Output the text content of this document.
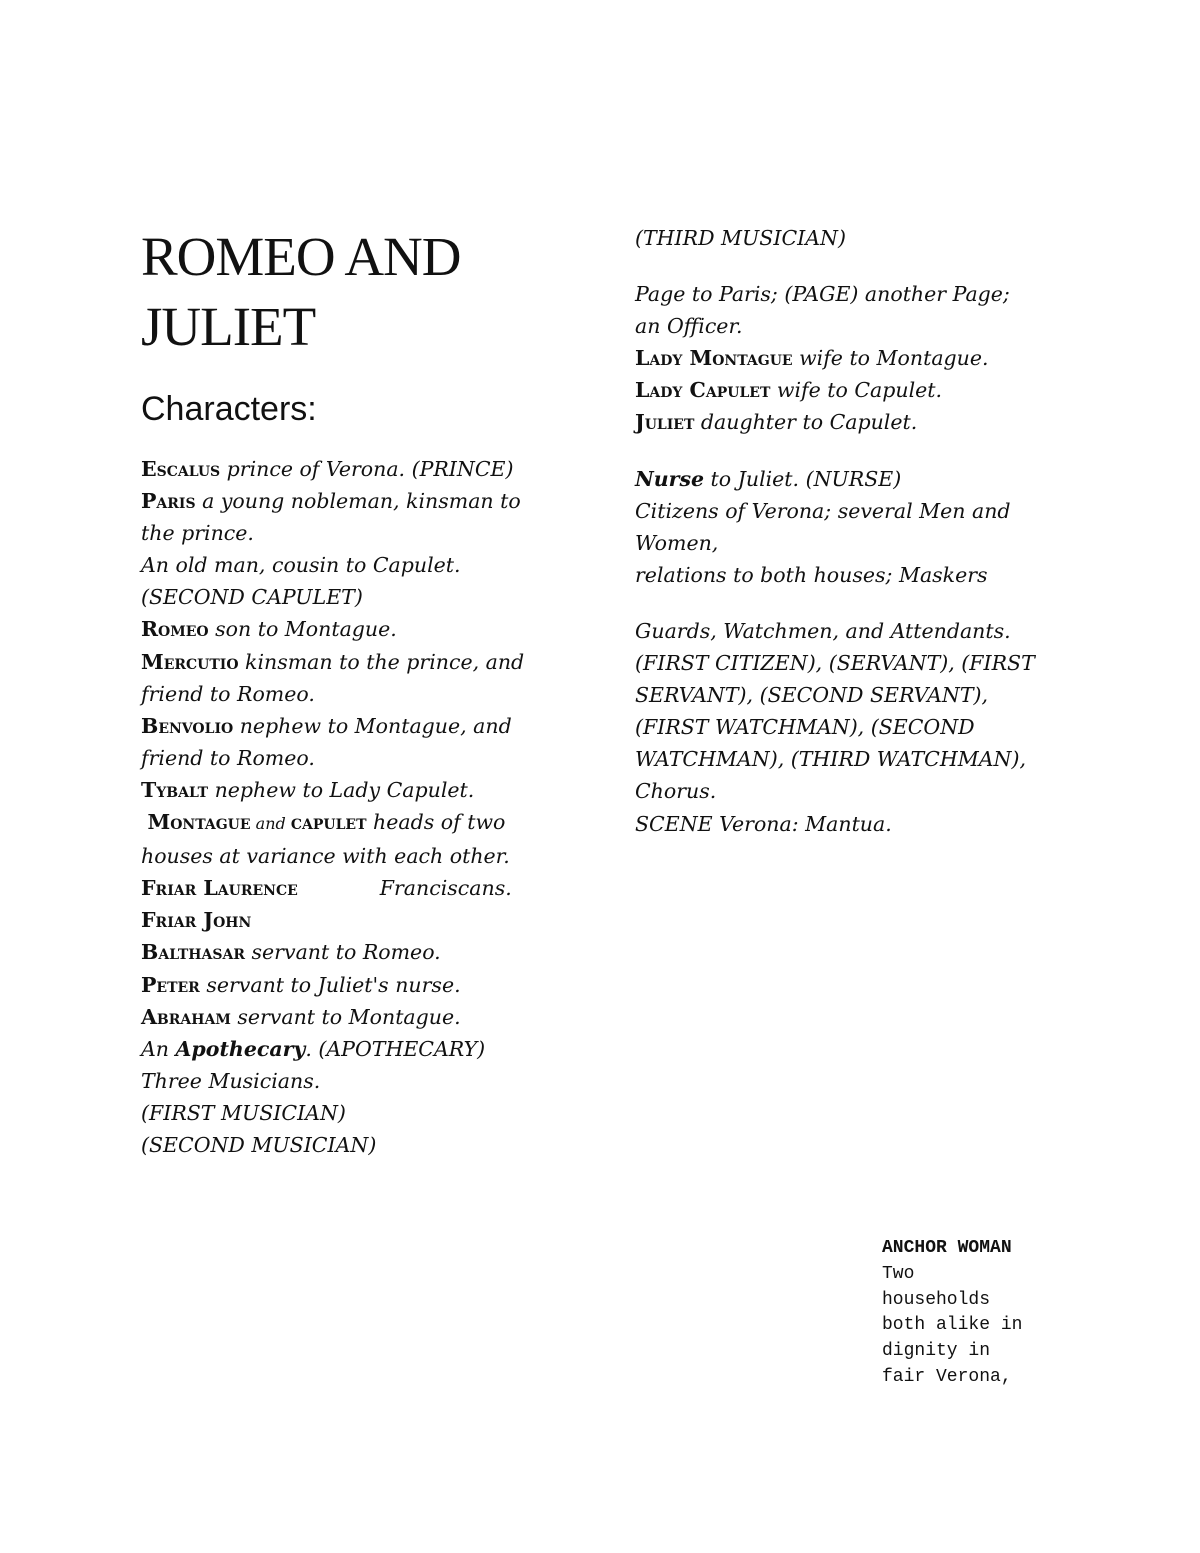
ROMEO AND
JULIET
Characters:
Escalus prince of Verona. (PRINCE)
Paris a young nobleman, kinsman to
the prince.
An old man, cousin to Capulet.
(SECOND CAPULET)
Romeo son to Montague.
Mercutio kinsman to the prince, and
friend to Romeo.
Benvolio nephew to Montague, and
friend to Romeo.
Tybalt nephew to Lady Capulet.
Montague and capulet heads of two
houses at variance with each other.
Friar Laurence	Franciscans.
Friar John
Balthasar servant to Romeo.
Peter servant to Juliet's nurse.
Abraham servant to Montague.
An Apothecary. (APOTHECARY)
Three Musicians.
(FIRST MUSICIAN)
(SECOND MUSICIAN)
(THIRD MUSICIAN)
Page to Paris; (PAGE) another Page;
an Officer.
Lady Montague wife to Montague.
Lady Capulet wife to Capulet.
Juliet daughter to Capulet.
Nurse to Juliet. (NURSE)
Citizens of Verona; several Men and
Women,
relations to both houses; Maskers
Guards, Watchmen, and Attendants.
(FIRST CITIZEN), (SERVANT), (FIRST
SERVANT), (SECOND SERVANT),
(FIRST WATCHMAN), (SECOND
WATCHMAN), (THIRD WATCHMAN),
Chorus.
SCENE Verona: Mantua.
ANCHOR WOMAN
Two
households
both alike in
dignity in
fair Verona,
